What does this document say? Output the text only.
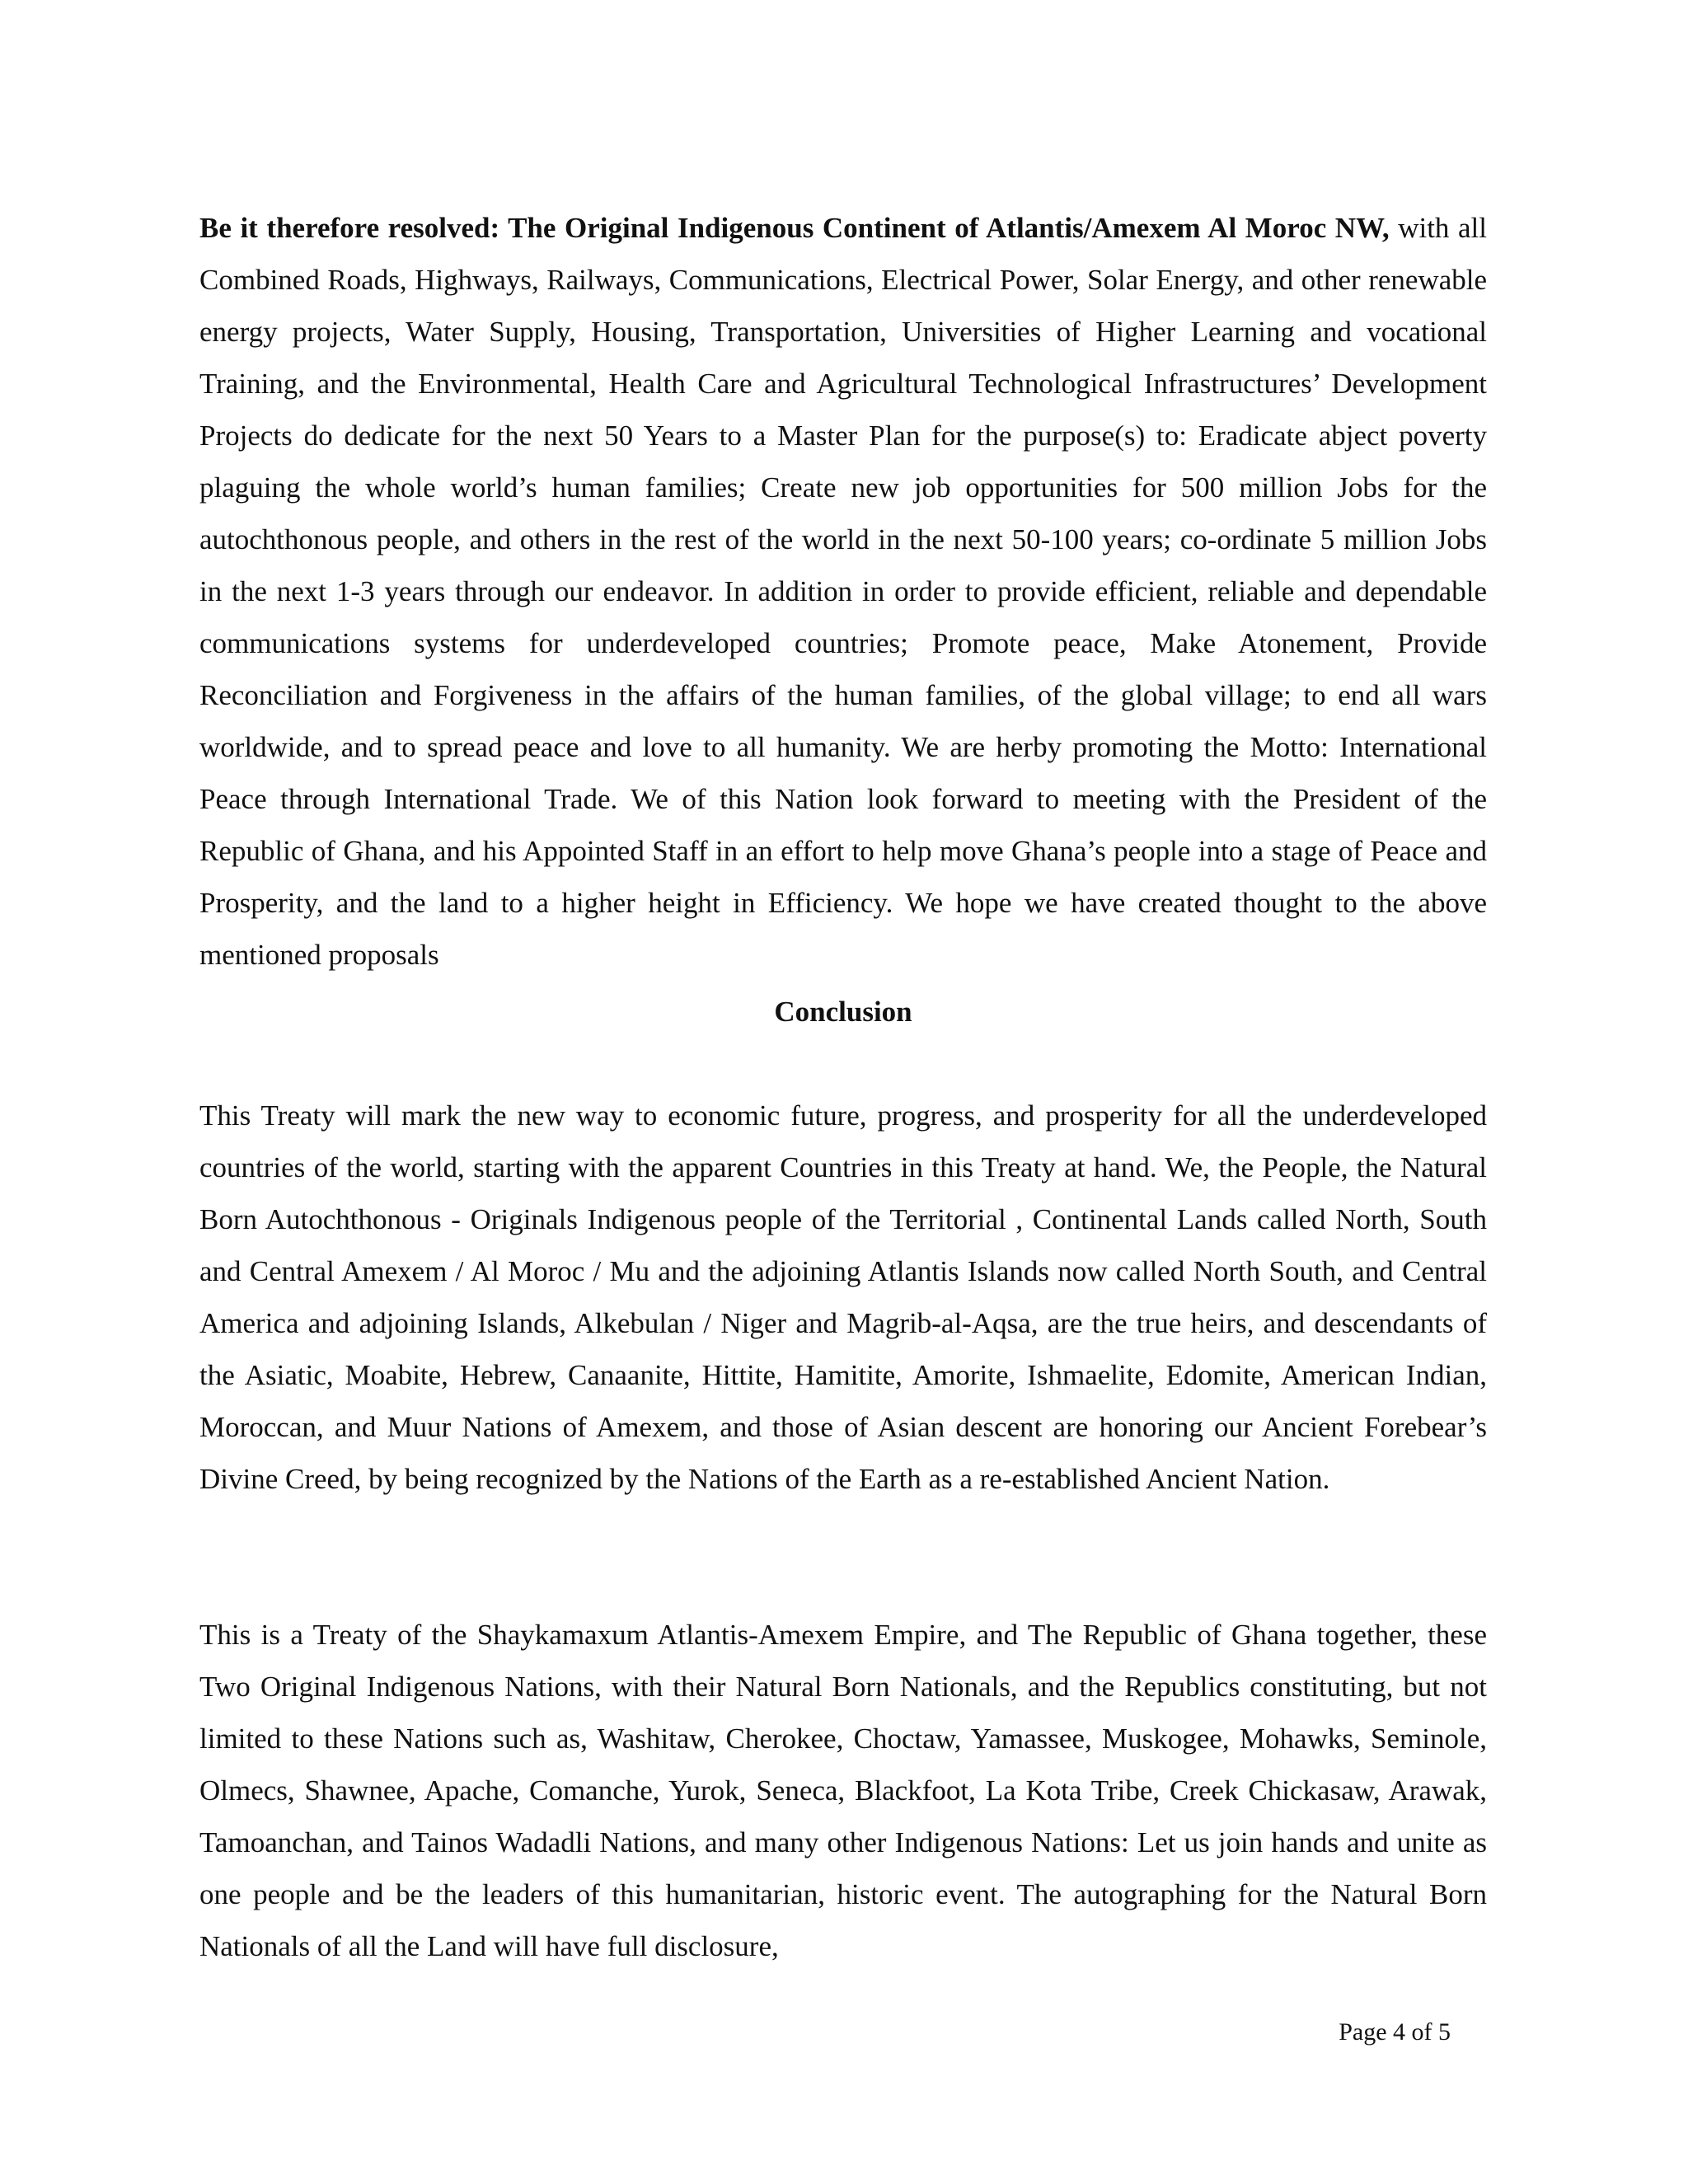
Be it therefore resolved: The Original Indigenous Continent of Atlantis/Amexem Al Moroc NW, with all Combined Roads, Highways, Railways, Communications, Electrical Power, Solar Energy, and other renewable energy projects, Water Supply, Housing, Transportation, Universities of Higher Learning and vocational Training, and the Environmental, Health Care and Agricultural Technological Infrastructures’ Development Projects do dedicate for the next 50 Years to a Master Plan for the purpose(s) to: Eradicate abject poverty plaguing the whole world’s human families; Create new job opportunities for 500 million Jobs for the autochthonous people, and others in the rest of the world in the next 50-100 years; co-ordinate 5 million Jobs in the next 1-3 years through our endeavor. In addition in order to provide efficient, reliable and dependable communications systems for underdeveloped countries; Promote peace, Make Atonement, Provide Reconciliation and Forgiveness in the affairs of the human families, of the global village; to end all wars worldwide, and to spread peace and love to all humanity. We are herby promoting the Motto: International Peace through International Trade. We of this Nation look forward to meeting with the President of the Republic of Ghana, and his Appointed Staff in an effort to help move Ghana’s people into a stage of Peace and Prosperity, and the land to a higher height in Efficiency. We hope we have created thought to the above mentioned proposals
Conclusion
This Treaty will mark the new way to economic future, progress, and prosperity for all the underdeveloped countries of the world, starting with the apparent Countries in this Treaty at hand. We, the People, the Natural Born Autochthonous - Originals Indigenous people of the Territorial , Continental Lands called North, South and Central Amexem / Al Moroc / Mu and the adjoining Atlantis Islands now called North South, and Central America and adjoining Islands, Alkebulan / Niger and Magrib-al-Aqsa, are the true heirs, and descendants of the Asiatic, Moabite, Hebrew, Canaanite, Hittite, Hamitite, Amorite, Ishmaelite, Edomite, American Indian, Moroccan, and Muur Nations of Amexem, and those of Asian descent are honoring our Ancient Forebear’s Divine Creed, by being recognized by the Nations of the Earth as a re-established Ancient Nation.
This is a Treaty of the Shaykamaxum Atlantis-Amexem Empire, and The Republic of Ghana together, these Two Original Indigenous Nations, with their Natural Born Nationals, and the Republics constituting, but not limited to these Nations such as, Washitaw, Cherokee, Choctaw, Yamassee, Muskogee, Mohawks, Seminole, Olmecs, Shawnee, Apache, Comanche, Yurok, Seneca, Blackfoot, La Kota Tribe, Creek Chickasaw, Arawak, Tamoanchan, and Tainos Wadadli Nations, and many other Indigenous Nations: Let us join hands and unite as one people and be the leaders of this humanitarian, historic event. The autographing for the Natural Born Nationals of all the Land will have full disclosure,
Page 4 of 5
